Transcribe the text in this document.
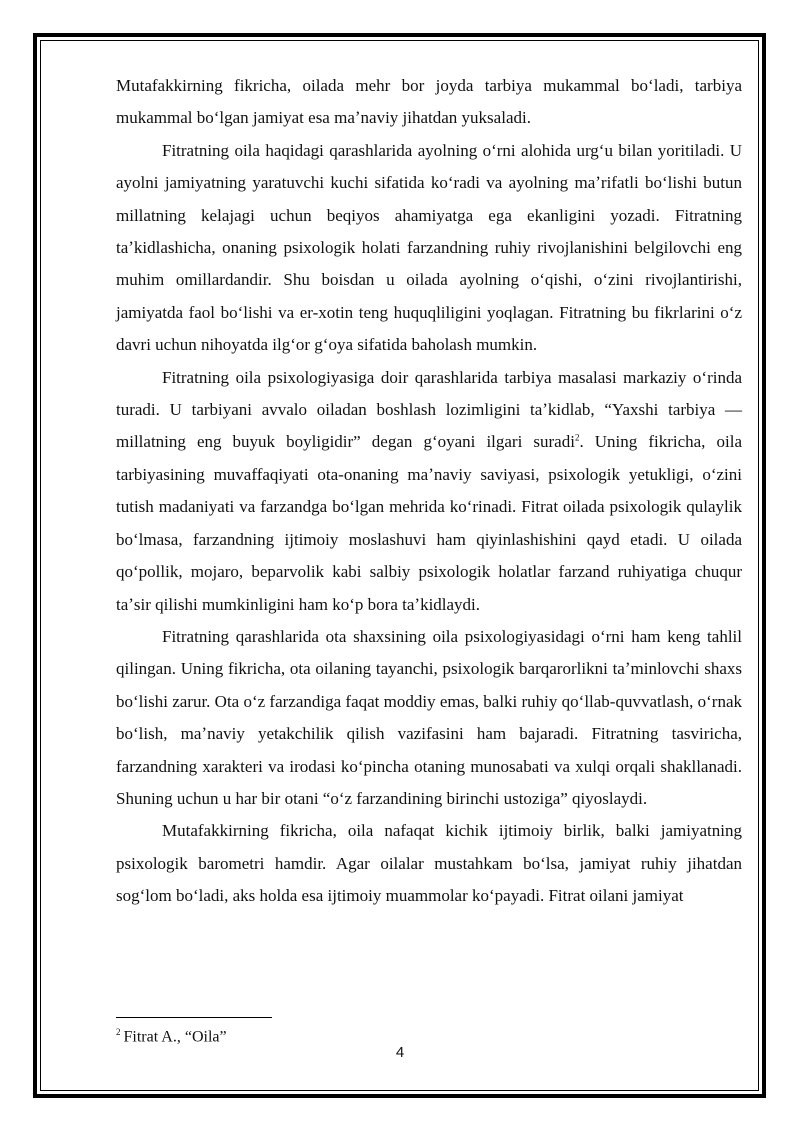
Mutafakkirning fikricha, oilada mehr bor joyda tarbiya mukammal boʻladi, tarbiya mukammal boʻlgan jamiyat esa maʼnaviy jihatdan yuksaladi.

Fitratning oila haqidagi qarashlarida ayolning oʻrni alohida urgʻu bilan yoritiladi. U ayolni jamiyatning yaratuvchi kuchi sifatida koʻradi va ayolning maʼrifatli boʻlishi butun millatning kelajagi uchun beqiyos ahamiyatga ega ekanligini yozadi. Fitratning taʼkidlashicha, onaning psixologik holati farzandning ruhiy rivojlanishini belgilovchi eng muhim omillardandir. Shu boisdan u oilada ayolning oʻqishi, oʻzini rivojlantirishi, jamiyatda faol boʻlishi va er-xotin teng huquqliligini yoqlagan. Fitratning bu fikrlarini oʻz davri uchun nihoyatda ilgʻor gʻoya sifatida baholash mumkin.

Fitratning oila psixologiyasiga doir qarashlarida tarbiya masalasi markaziy oʻrinda turadi. U tarbiyani avvalo oiladan boshlash lozimligini taʼkidlab, “Yaxshi tarbiya — millatning eng buyuk boyligidir” degan gʻoyani ilgari suradi$^2$. Uning fikricha, oila tarbiyasining muvaffaqiyati ota-onaning maʼnaviy saviyasi, psixologik yetukligi, oʻzini tutish madaniyati va farzandga boʻlgan mehrida koʻrinadi. Fitrat oilada psixologik qulaylik boʻlmasa, farzandning ijtimoiy moslashuvi ham qiyinlashishini qayd etadi. U oilada qoʻpollik, mojaro, beparvolik kabi salbiy psixologik holatlar farzand ruhiyatiga chuqur taʼsir qilishi mumkinligini ham koʻp bora taʼkidlaydi.

Fitratning qarashlarida ota shaxsining oila psixologiyasidagi oʻrni ham keng tahlil qilingan. Uning fikricha, ota oilaning tayanchi, psixologik barqarorlikni taʼminlovchi shaxs boʻlishi zarur. Ota oʻz farzandiga faqat moddiy emas, balki ruhiy qoʻllab-quvvatlash, oʻrnak boʻlish, maʼnaviy yetakchilik qilish vazifasini ham bajaradi. Fitratning tasviricha, farzandning xarakteri va irodasi koʻpincha otaning munosabati va xulqi orqali shakllanadi. Shuning uchun u har bir otani “oʻz farzandining birinchi ustoziga” qiyoslaydi.

Mutafakkirning fikricha, oila nafaqat kichik ijtimoiy birlik, balki jamiyatning psixologik barometri hamdir. Agar oilalar mustahkam boʻlsa, jamiyat ruhiy jihatdan sogʻlom boʻladi, aks holda esa ijtimoiy muammolar koʻpayadi. Fitrat oilani jamiyat

$^2$ Fitrat A., “Oila”
4
